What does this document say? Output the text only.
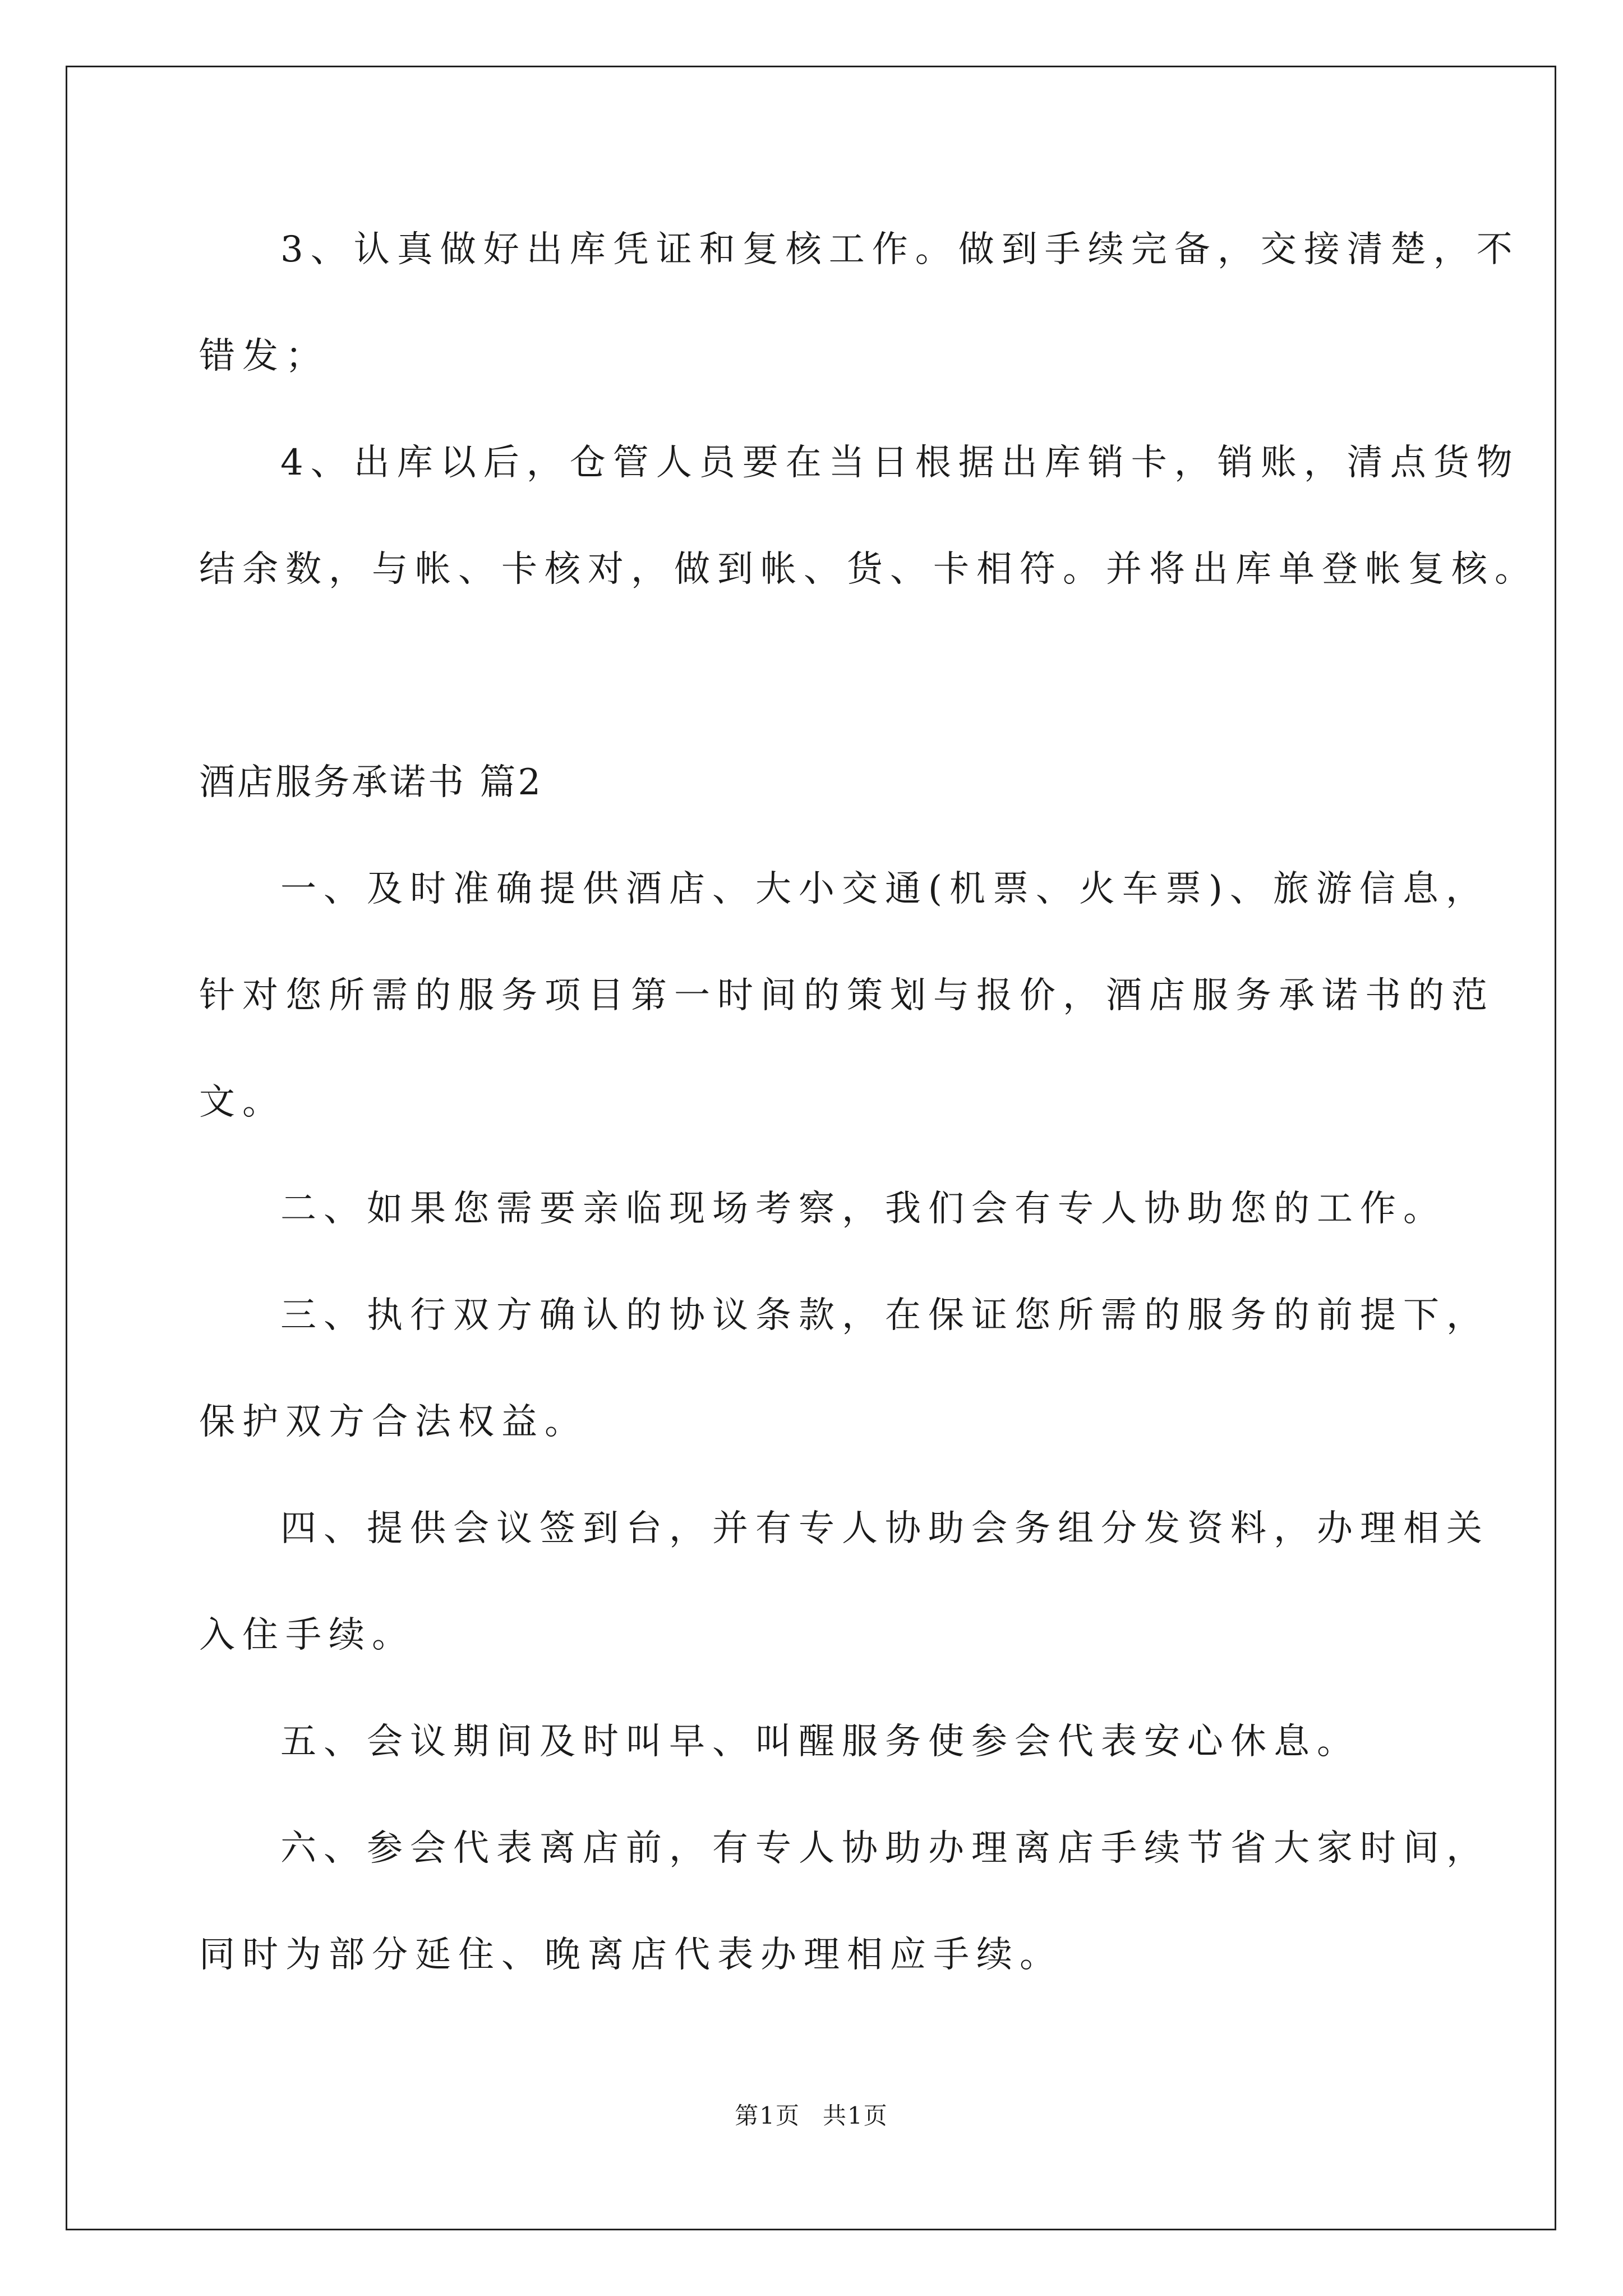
3、认真做好出库凭证和复核工作。做到手续完备，交接清楚，不
错发；
4、出库以后，仓管人员要在当日根据出库销卡，销账，清点货物
结余数，与帐、卡核对，做到帐、货、卡相符。并将出库单登帐复核。
酒店服务承诺书 篇2
一、及时准确提供酒店、大小交通(机票、火车票)、旅游信息，
针对您所需的服务项目第一时间的策划与报价，酒店服务承诺书的范
文。
二、如果您需要亲临现场考察，我们会有专人协助您的工作。
三、执行双方确认的协议条款，在保证您所需的服务的前提下，
保护双方合法权益。
四、提供会议签到台，并有专人协助会务组分发资料，办理相关
入住手续。
五、会议期间及时叫早、叫醒服务使参会代表安心休息。
六、参会代表离店前，有专人协助办理离店手续节省大家时间，
同时为部分延住、晚离店代表办理相应手续。
第1页 共1页
